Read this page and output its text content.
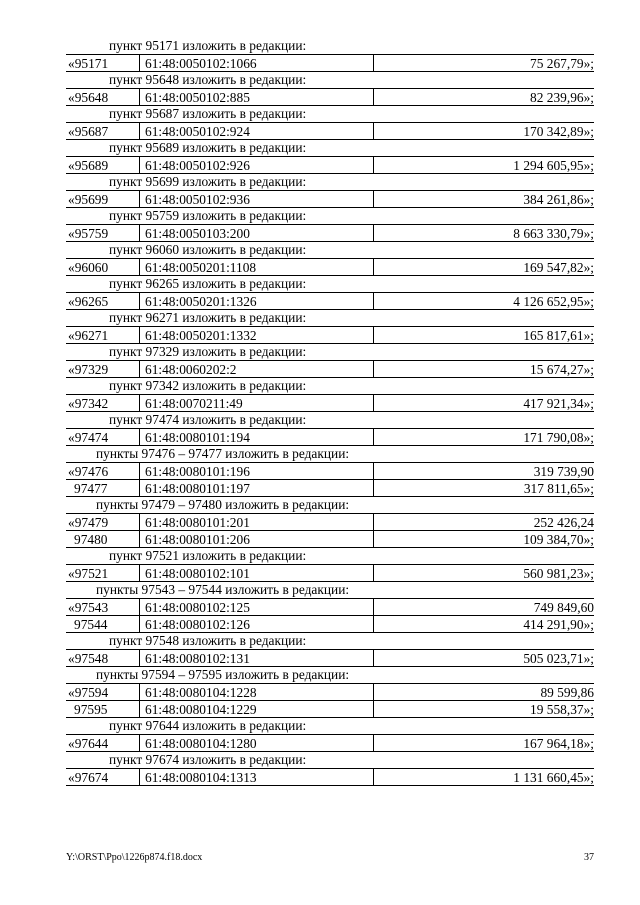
пункт 95171 изложить в редакции:
«95171	61:48:0050102:1066	75 267,79»;
пункт 95648 изложить в редакции:
«95648	61:48:0050102:885	82 239,96»;
пункт 95687 изложить в редакции:
«95687	61:48:0050102:924	170 342,89»;
пункт 95689 изложить в редакции:
«95689	61:48:0050102:926	1 294 605,95»;
пункт 95699 изложить в редакции:
«95699	61:48:0050102:936	384 261,86»;
пункт 95759 изложить в редакции:
«95759	61:48:0050103:200	8 663 330,79»;
пункт 96060 изложить в редакции:
«96060	61:48:0050201:1108	169 547,82»;
пункт 96265 изложить в редакции:
«96265	61:48:0050201:1326	4 126 652,95»;
пункт 96271 изложить в редакции:
«96271	61:48:0050201:1332	165 817,61»;
пункт 97329 изложить в редакции:
«97329	61:48:0060202:2	15 674,27»;
пункт 97342 изложить в редакции:
«97342	61:48:0070211:49	417 921,34»;
пункт 97474 изложить в редакции:
«97474	61:48:0080101:194	171 790,08»;
пункты 97476 – 97477 изложить в редакции:
«97476	61:48:0080101:196	319 739,90
97477	61:48:0080101:197	317 811,65»;
пункты 97479 – 97480 изложить в редакции:
«97479	61:48:0080101:201	252 426,24
97480	61:48:0080101:206	109 384,70»;
пункт 97521 изложить в редакции:
«97521	61:48:0080102:101	560 981,23»;
пункты 97543 – 97544 изложить в редакции:
«97543	61:48:0080102:125	749 849,60
97544	61:48:0080102:126	414 291,90»;
пункт 97548 изложить в редакции:
«97548	61:48:0080102:131	505 023,71»;
пункты 97594 – 97595 изложить в редакции:
«97594	61:48:0080104:1228	89 599,86
97595	61:48:0080104:1229	19 558,37»;
пункт 97644 изложить в редакции:
«97644	61:48:0080104:1280	167 964,18»;
пункт 97674 изложить в редакции:
«97674	61:48:0080104:1313	1 131 660,45»;
Y:\ORST\Ppo\1226p874.f18.docx	37
